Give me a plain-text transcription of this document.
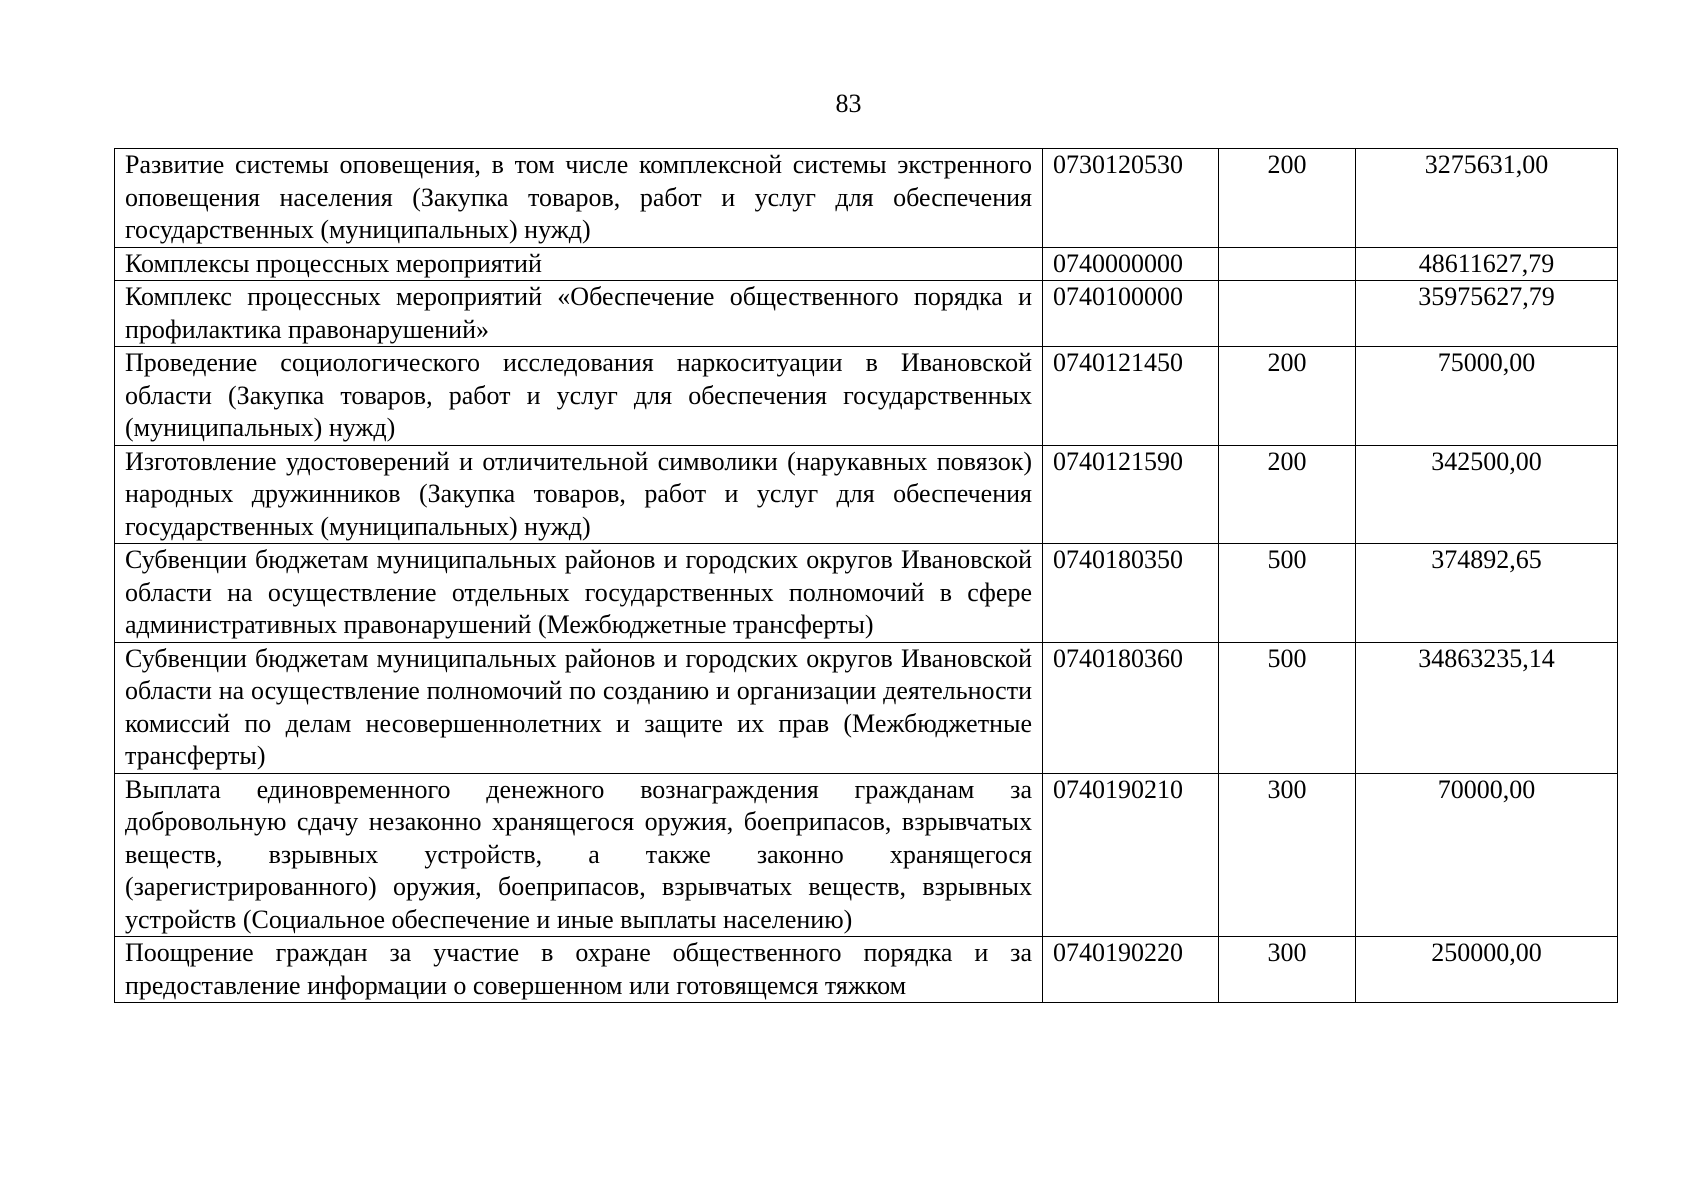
83
Развитие системы оповещения, в том числе комплексной системы экстренного оповещения населения (Закупка товаров, работ и услуг для обеспечения государственных (муниципальных) нужд)	0730120530	200	3275631,00
Комплексы процессных мероприятий	0740000000		48611627,79
Комплекс процессных мероприятий «Обеспечение общественного порядка и профилактика правонарушений»	0740100000		35975627,79
Проведение социологического исследования наркоситуации в Ивановской области (Закупка товаров, работ и услуг для обеспечения государственных (муниципальных) нужд)	0740121450	200	75000,00
Изготовление удостоверений и отличительной символики (нарукавных повязок) народных дружинников (Закупка товаров, работ и услуг для обеспечения государственных (муниципальных) нужд)	0740121590	200	342500,00
Субвенции бюджетам муниципальных районов и городских округов Ивановской области на осуществление отдельных государственных полномочий в сфере административных правонарушений (Межбюджетные трансферты)	0740180350	500	374892,65
Субвенции бюджетам муниципальных районов и городских округов Ивановской области на осуществление полномочий по созданию и организации деятельности комиссий по делам несовершеннолетних и защите их прав (Межбюджетные трансферты)	0740180360	500	34863235,14
Выплата единовременного денежного вознаграждения гражданам за добровольную сдачу незаконно хранящегося оружия, боеприпасов, взрывчатых веществ, взрывных устройств, а также законно хранящегося (зарегистрированного) оружия, боеприпасов, взрывчатых веществ, взрывных устройств (Социальное обеспечение и иные выплаты населению)	0740190210	300	70000,00
Поощрение граждан за участие в охране общественного порядка и за предоставление информации о совершенном или готовящемся тяжком	0740190220	300	250000,00
